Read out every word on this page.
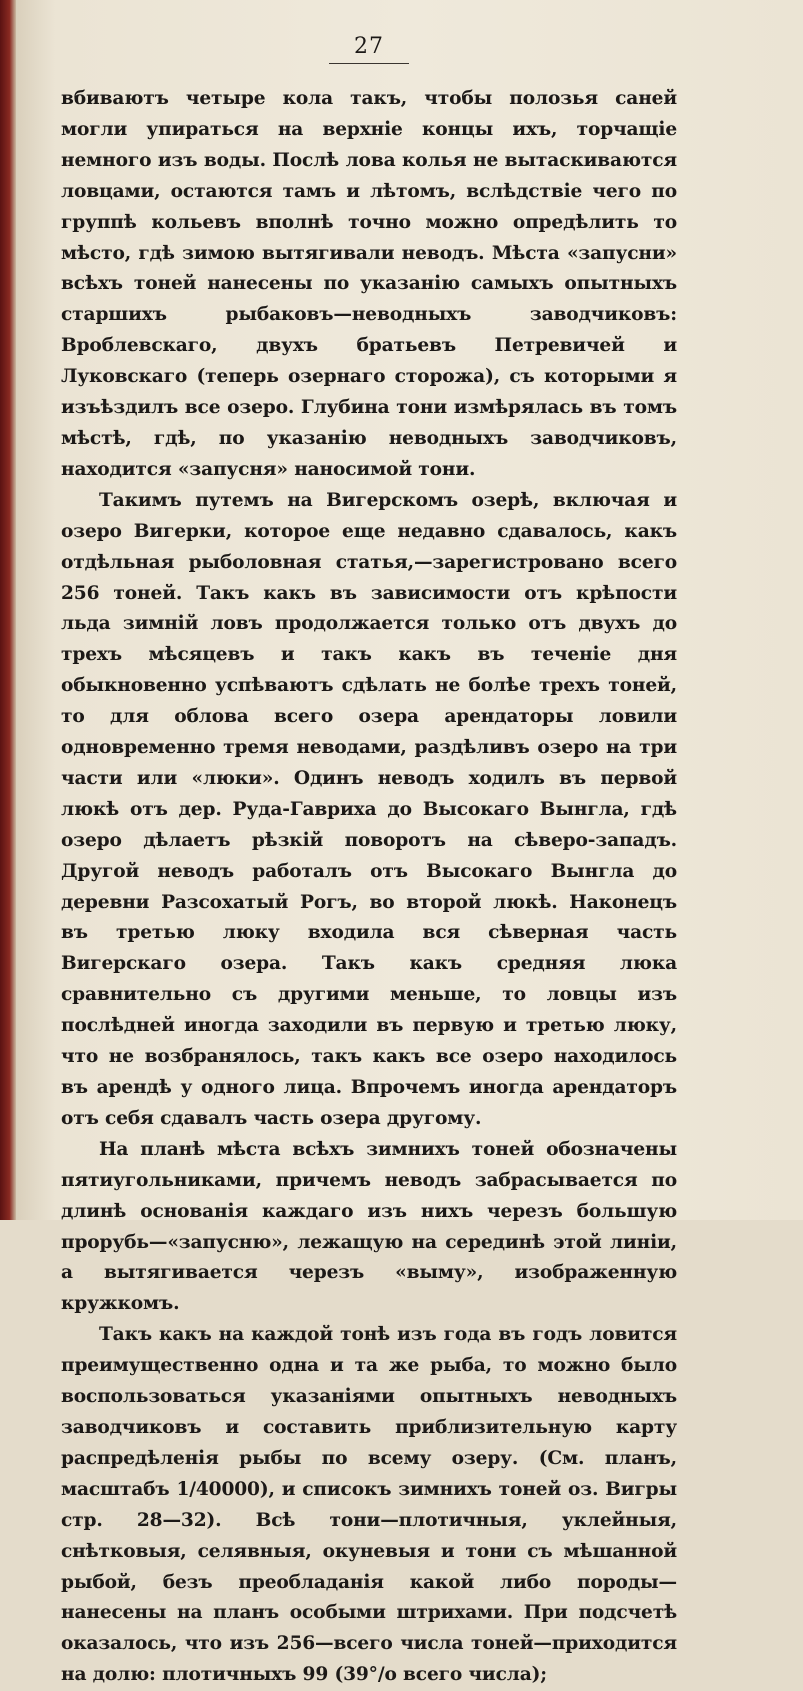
27

вбиваютъ четыре кола такъ, чтобы полозья саней могли упираться на верхнiе концы ихъ, торчащiе немного изъ воды. Послѣ лова колья не вытаскиваются ловцами, остаются тамъ и лѣтомъ, вслѣдствiе чего по группѣ кольевъ вполнѣ точно можно опредѣлить то мѣсто, гдѣ зимою вытягивали неводъ. Мѣста «запусни» всѣхъ тоней нанесены по указанiю самыхъ опытныхъ старшихъ рыбаковъ—неводныхъ заводчиковъ: Вроблевскаго, двухъ братьевъ Петревичей и Луковскаго (теперь озернаго сторожа), съ которыми я изъѣздилъ все озеро. Глубина тони измѣрялась въ томъ мѣстѣ, гдѣ, по указанiю неводныхъ заводчиковъ, находится «запусня» наносимой тони.

Такимъ путемъ на Вигерскомъ озерѣ, включая и озеро Вигерки, которое еще недавно сдавалось, какъ отдѣльная рыболовная статья,—зарегистровано всего 256 тоней. Такъ какъ въ зависимости отъ крѣпости льда зимнiй ловъ продолжается только отъ двухъ до трехъ мѣсяцевъ и такъ какъ въ теченiе дня обыкновенно успѣваютъ сдѣлать не болѣе трехъ тоней, то для облова всего озера арендаторы ловили одновременно тремя неводами, раздѣливъ озеро на три части или «люки». Одинъ неводъ ходилъ въ первой люкѣ отъ дер. Руда-Гавриха до Высокаго Вынгла, гдѣ озеро дѣлаетъ рѣзкiй поворотъ на сѣверо-западъ. Другой неводъ работалъ отъ Высокаго Вынгла до деревни Разсохатый Рогъ, во второй люкѣ. Наконецъ въ третью люку входила вся сѣверная часть Вигерскаго озера. Такъ какъ средняя люка сравнительно съ другими меньше, то ловцы изъ послѣдней иногда заходили въ первую и третью люку, что не возбранялось, такъ какъ все озеро находилось въ арендѣ у одного лица. Впрочемъ иногда арендаторъ отъ себя сдавалъ часть озера другому.

На планѣ мѣста всѣхъ зимнихъ тоней обозначены пятиугольниками, причемъ неводъ забрасывается по длинѣ основанiя каждаго изъ нихъ черезъ большую прорубь—«запусню», лежащую на серединѣ этой линiи, а вытягивается черезъ «выму», изображенную кружкомъ.

Такъ какъ на каждой тонѣ изъ года въ годъ ловится преимущественно одна и та же рыба, то можно было воспользоваться указанiями опытныхъ неводныхъ заводчиковъ и составить приблизительную карту распредѣленiя рыбы по всему озеру. (См. планъ, масштабъ 1/40000), и списокъ зимнихъ тоней оз. Вигры стр. 28—32). Всѣ тони—плотичныя, уклейныя, снѣтковыя, селявныя, окуневыя и тони съ мѣшанной рыбой, безъ преобладанiя какой либо породы—нанесены на планъ особыми штрихами. При подсчетѣ оказалось, что изъ 256—всего числа тоней—приходится на долю: плотичныхъ 99 (39°/о всего числа);
